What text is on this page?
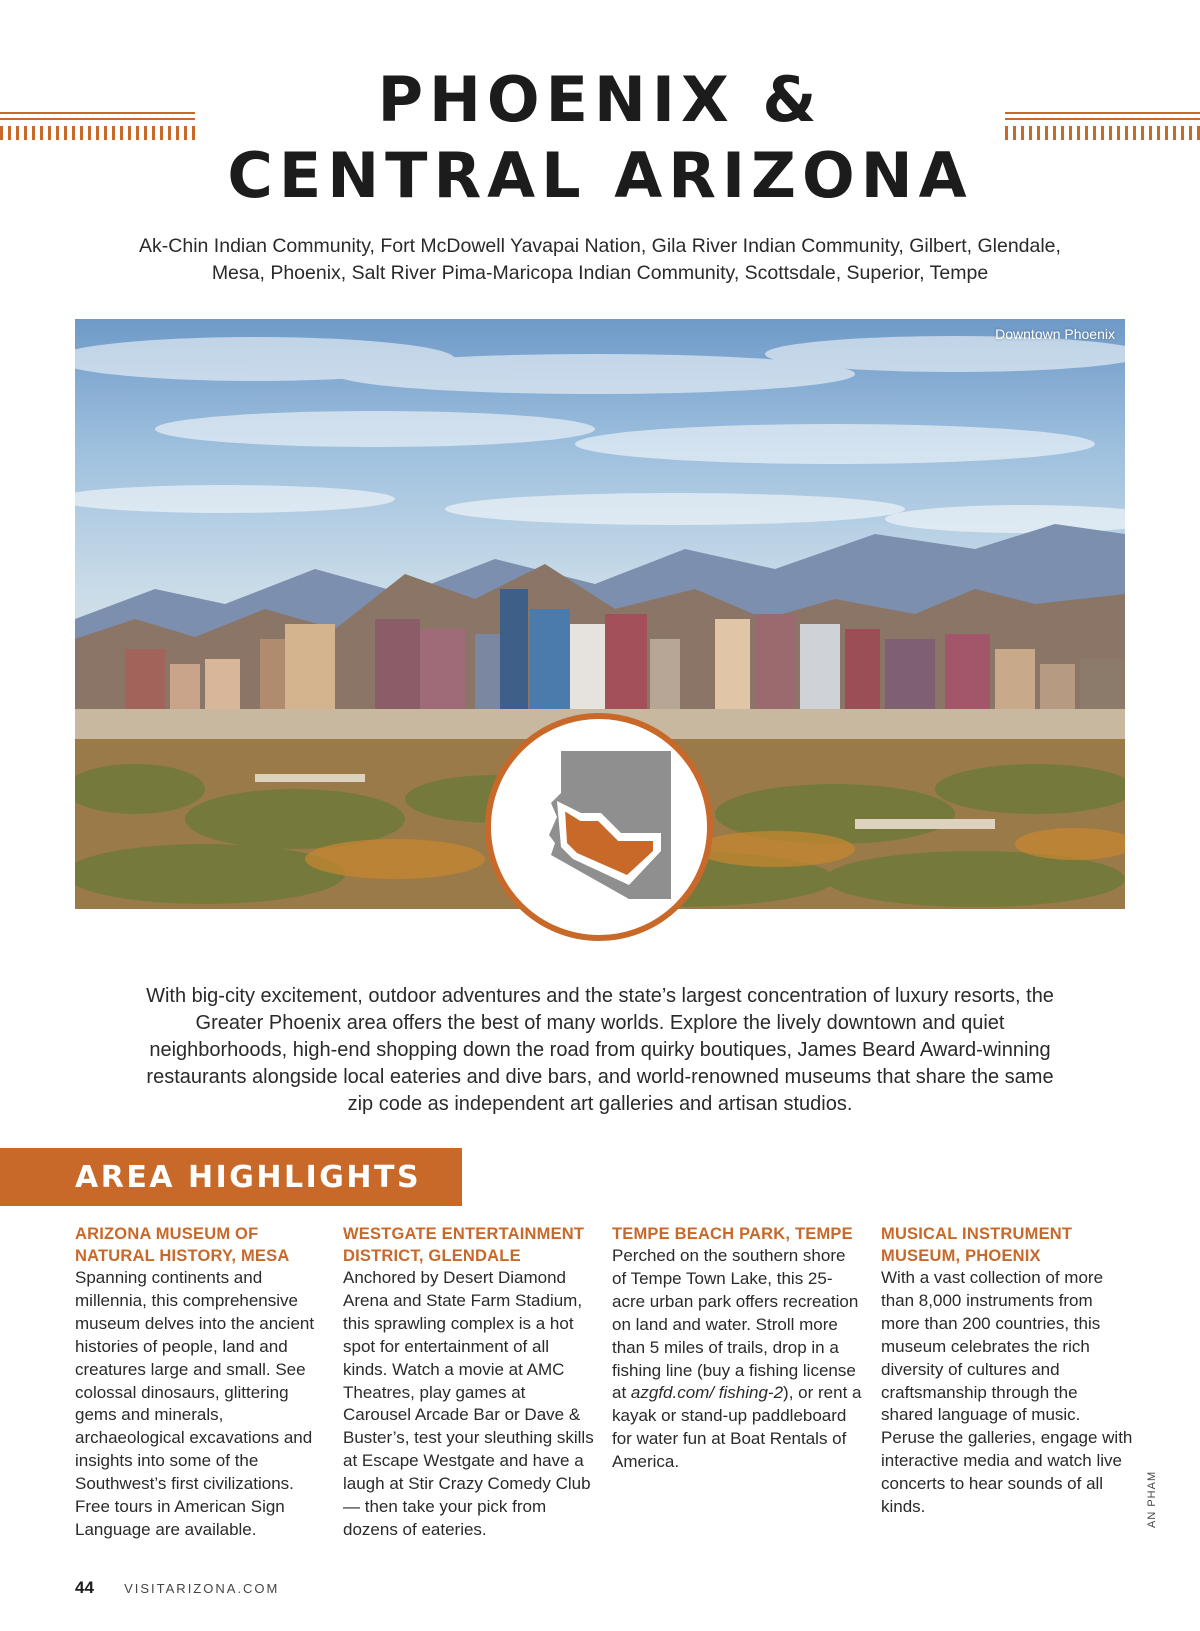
PHOENIX &
CENTRAL ARIZONA
Ak-Chin Indian Community, Fort McDowell Yavapai Nation, Gila River Indian Community, Gilbert, Glendale,
Mesa, Phoenix, Salt River Pima-Maricopa Indian Community, Scottsdale, Superior, Tempe
Downtown Phoenix
With big-city excitement, outdoor adventures and the state’s largest concentration of luxury resorts, the Greater Phoenix area offers the best of many worlds. Explore the lively downtown and quiet neighborhoods, high-end shopping down the road from quirky boutiques, James Beard Award-winning restaurants alongside local eateries and dive bars, and world-renowned museums that share the same zip code as independent art galleries and artisan studios.
AREA HIGHLIGHTS
ARIZONA MUSEUM OF NATURAL HISTORY, MESA

Spanning continents and millennia, this comprehensive museum delves into the ancient histories of people, land and creatures large and small. See colossal dinosaurs, glittering gems and minerals, archaeological excavations and insights into some of the Southwest’s first civilizations. Free tours in American Sign Language are available.

WESTGATE ENTERTAINMENT DISTRICT, GLENDALE

Anchored by Desert Diamond Arena and State Farm Stadium, this sprawling complex is a hot spot for entertainment of all kinds. Watch a movie at AMC Theatres, play games at Carousel Arcade Bar or Dave & Buster’s, test your sleuthing skills at Escape Westgate and have a laugh at Stir Crazy Comedy Club — then take your pick from dozens of eateries.

TEMPE BEACH PARK, TEMPE

Perched on the southern shore of Tempe Town Lake, this 25-acre urban park offers recreation on land and water. Stroll more than 5 miles of trails, drop in a fishing line (buy a fishing license at azgfd.com/ fishing-2), or rent a kayak or stand-up paddleboard for water fun at Boat Rentals of America.

MUSICAL INSTRUMENT MUSEUM, PHOENIX

With a vast collection of more than 8,000 instruments from more than 200 countries, this museum celebrates the rich diversity of cultures and craftsmanship through the shared language of music. Peruse the galleries, engage with interactive media and watch live concerts to hear sounds of all kinds.	AN PHAM
44 VISITARIZONA.COM
